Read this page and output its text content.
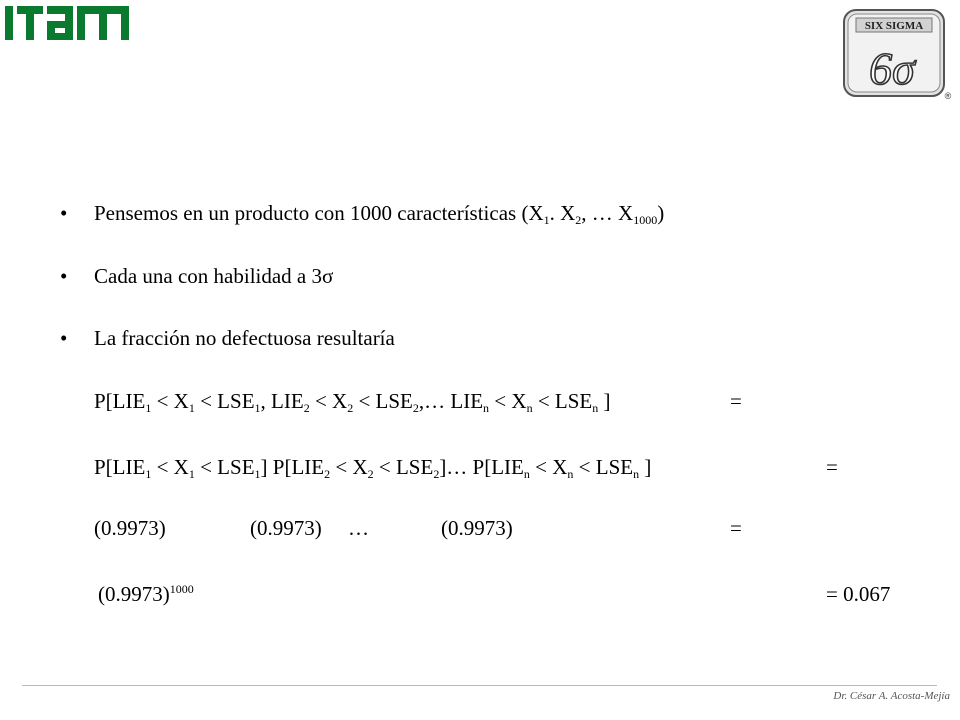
SIX SIGMA
6σ
®
• Pensemos en un producto con 1000 características ($X_1$. $X_2$, … $X_{1000}$)
• Cada una con habilidad a 3σ
• La fracción no defectuosa resultaría
$P[LIE_1 < X_1 < LSE_1$, $LIE_2 < X_2$ < $LSE_2,\dots$ $LIE_n < X_n < LSE_n$ ]	=
$P[LIE_1 < X_1 < LSE_1] P[LIE_2 < X_2$ < $LSE_2]\dots$ $P[LIE_n < X_n < LSE_n$ ]	=
(0.9973)	(0.9973) …	(0.9973)	=
$(0.9973)^{1000}$	= 0.067
Dr. César A. Acosta-Mejía
